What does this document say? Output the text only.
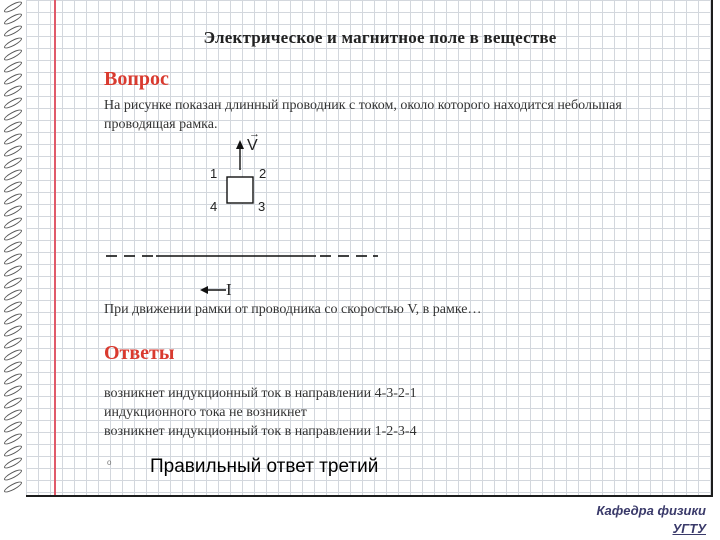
Электрическое и магнитное поле в веществе
Вопрос
На рисунке показан длинный проводник с током, около которого находится небольшая проводящая рамка.
→
V
1	2
3
4
I
При движении рамки от проводника со скоростью V, в рамке…
Ответы
возникнет индукционный ток в направлении 4-3-2-1
индукционного тока не возникнет
возникнет индукционный ток в направлении 1-2-3-4
о Правильный ответ третий
Кафедра физики
УГТУ
